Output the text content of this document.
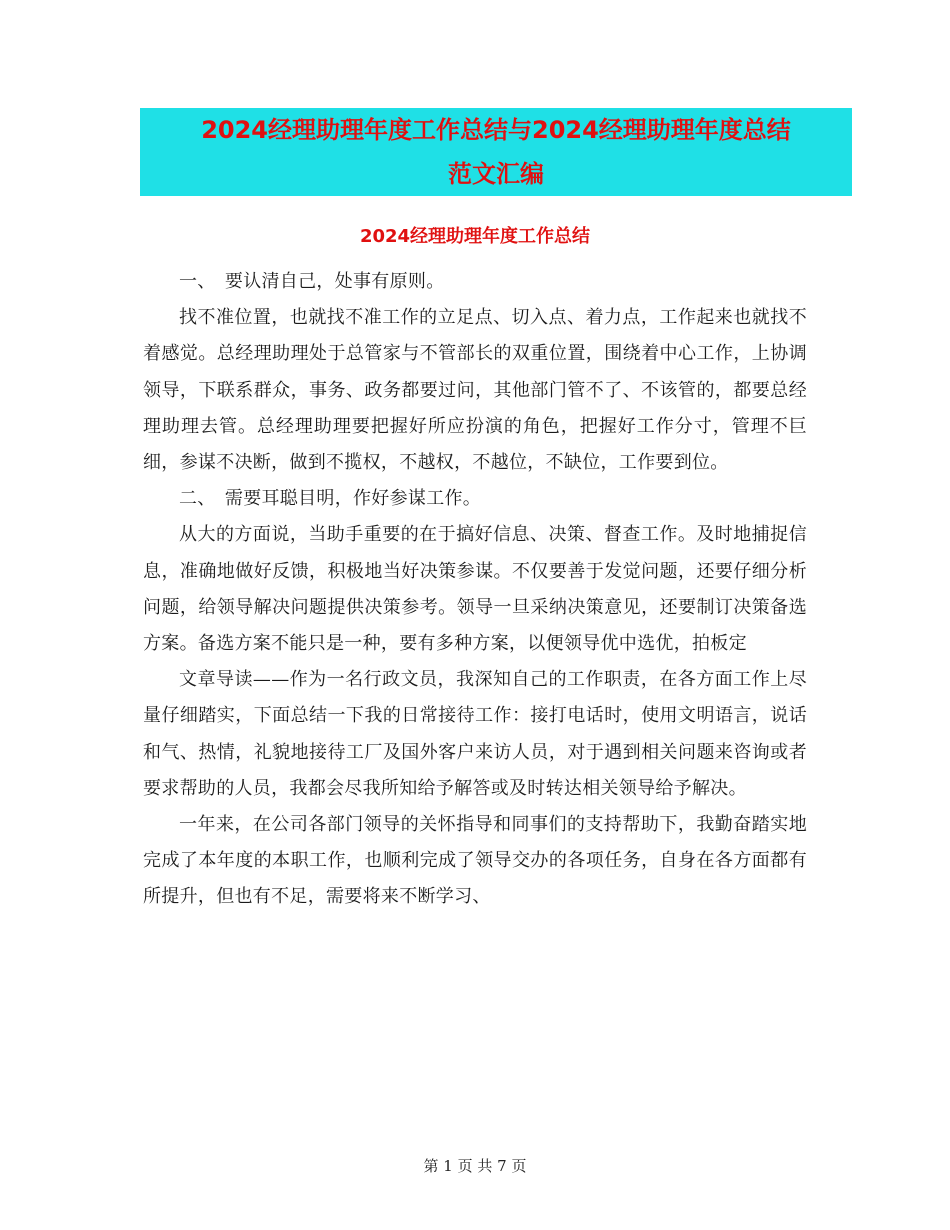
2024经理助理年度工作总结与2024经理助理年度总结
范文汇编
2024经理助理年度工作总结

一、　要认清自己，处事有原则。

找不准位置，也就找不准工作的立足点、切入点、着力点，工作起来也就找不着感觉。总经理助理处于总管家与不管部长的双重位置，围绕着中心工作，上协调领导，下联系群众，事务、政务都要过问，其他部门管不了、不该管的，都要总经理助理去管。总经理助理要把握好所应扮演的角色，把握好工作分寸，管理不巨细，参谋不决断，做到不揽权，不越权，不越位，不缺位，工作要到位。

二、　需要耳聪目明，作好参谋工作。

从大的方面说，当助手重要的在于搞好信息、决策、督查工作。及时地捕捉信息，准确地做好反馈，积极地当好决策参谋。不仅要善于发觉问题，还要仔细分析问题，给领导解决问题提供决策参考。领导一旦采纳决策意见，还要制订决策备选方案。备选方案不能只是一种，要有多种方案，以便领导优中选优，拍板定

文章导读——作为一名行政文员，我深知自己的工作职责，在各方面工作上尽量仔细踏实，下面总结一下我的日常接待工作：接打电话时，使用文明语言，说话和气、热情，礼貌地接待工厂及国外客户来访人员，对于遇到相关问题来咨询或者要求帮助的人员，我都会尽我所知给予解答或及时转达相关领导给予解决。

一年来，在公司各部门领导的关怀指导和同事们的支持帮助下，我勤奋踏实地完成了本年度的本职工作，也顺利完成了领导交办的各项任务，自身在各方面都有所提升，但也有不足，需要将来不断学习、

第 1 页 共 7 页
